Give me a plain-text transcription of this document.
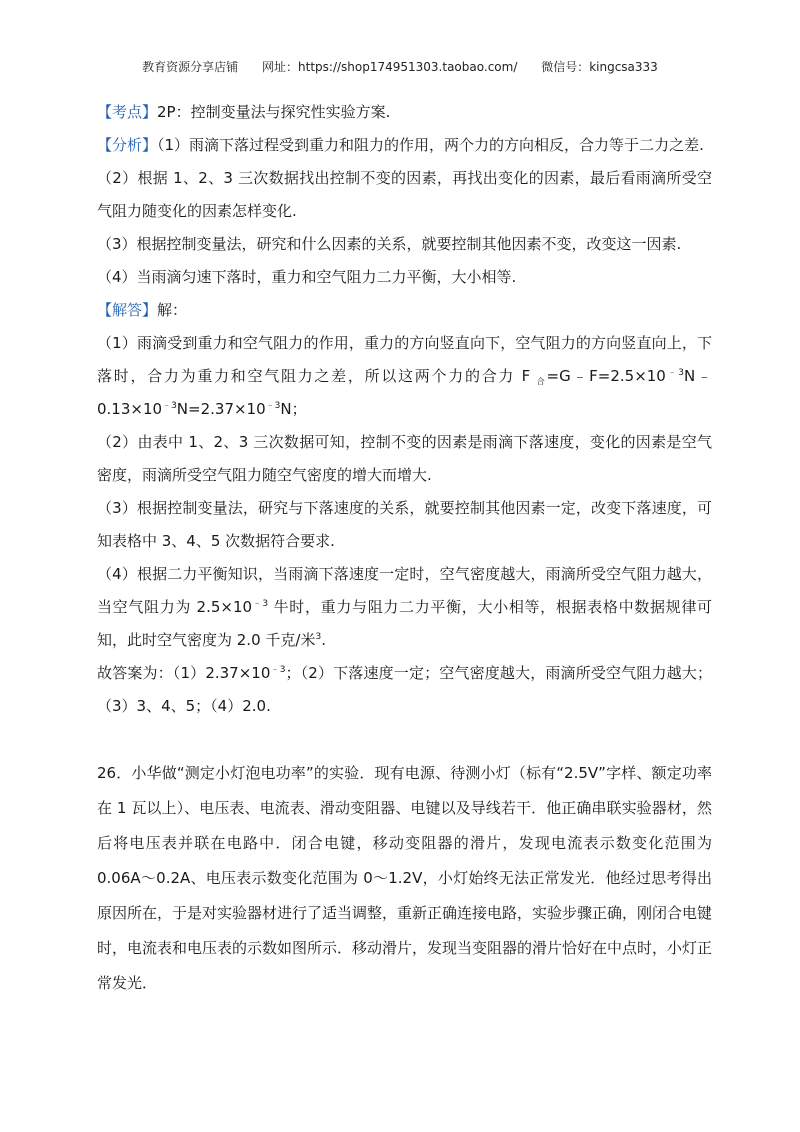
教育资源分享店铺 网址：https://shop174951303.taobao.com/ 微信号：kingcsa333

【考点】2P：控制变量法与探究性实验方案.

【分析】（1）雨滴下落过程受到重力和阻力的作用，两个力的方向相反，合力等于二力之差.

（2）根据 1、2、3 三次数据找出控制不变的因素，再找出变化的因素，最后看雨滴所受空气阻力随变化的因素怎样变化.

（3）根据控制变量法，研究和什么因素的关系，就要控制其他因素不变，改变这一因素.

（4）当雨滴匀速下落时，重力和空气阻力二力平衡，大小相等.

【解答】解：

（1）雨滴受到重力和空气阻力的作用，重力的方向竖直向下，空气阻力的方向竖直向上，下落时，合力为重力和空气阻力之差，所以这两个力的合力 F $_合=G﹣F=2.5\times 10^{﹣3}N﹣0.13\times 10^{﹣3}N=2.37\times 10^{﹣3}N$；

（2）由表中 1、2、3 三次数据可知，控制不变的因素是雨滴下落速度，变化的因素是空气密度，雨滴所受空气阻力随空气密度的增大而增大.

（3）根据控制变量法，研究与下落速度的关系，就要控制其他因素一定，改变下落速度，可知表格中 3、4、5 次数据符合要求.

（4）根据二力平衡知识，当雨滴下落速度一定时，空气密度越大，雨滴所受空气阻力越大，当空气阻力为 $2.5\times 10^{﹣3}$ 牛时，重力与阻力二力平衡，大小相等，根据表格中数据规律可知，此时空气密度为 2.0 千克/米$^3$.

故答案为：$(1)2.37\times 10^{﹣3}$；（2）下落速度一定；空气密度越大，雨滴所受空气阻力越大；（3）3、4、5；（4）2.0.

26．小华做“测定小灯泡电功率”的实验．现有电源、待测小灯（标有“2.5V”字样、额定功率在 1 瓦以上）、电压表、电流表、滑动变阻器、电键以及导线若干．他正确串联实验器材，然后将电压表并联在电路中．闭合电键，移动变阻器的滑片，发现电流表示数变化范围为 0.06A～0.2A、电压表示数变化范围为 0～1.2V，小灯始终无法正常发光．他经过思考得出原因所在，于是对实验器材进行了适当调整，重新正确连接电路，实验步骤正确，刚闭合电键时，电流表和电压表的示数如图所示．移动滑片，发现当变阻器的滑片恰好在中点时，小灯正常发光．
